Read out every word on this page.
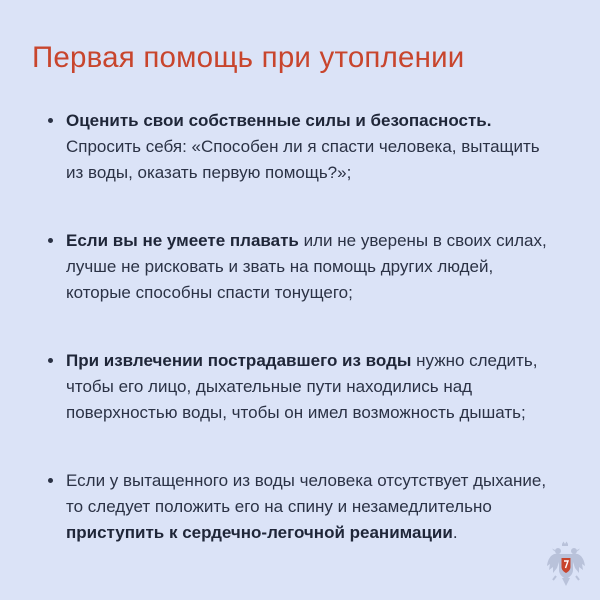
Первая помощь при утоплении
Оценить свои собственные силы и безопасность. Спросить себя: «Способен ли я спасти человека, вытащить из воды, оказать первую помощь?»;
Если вы не умеете плавать или не уверены в своих силах, лучше не рисковать и звать на помощь других людей, которые способны спасти тонущего;
При извлечении пострадавшего из воды нужно следить, чтобы его лицо, дыхательные пути находились над поверхностью воды, чтобы он имел возможность дышать;
Если у вытащенного из воды человека отсутствует дыхание, то следует положить его на спину и незамедлительно приступить к сердечно-легочной реанимации.
